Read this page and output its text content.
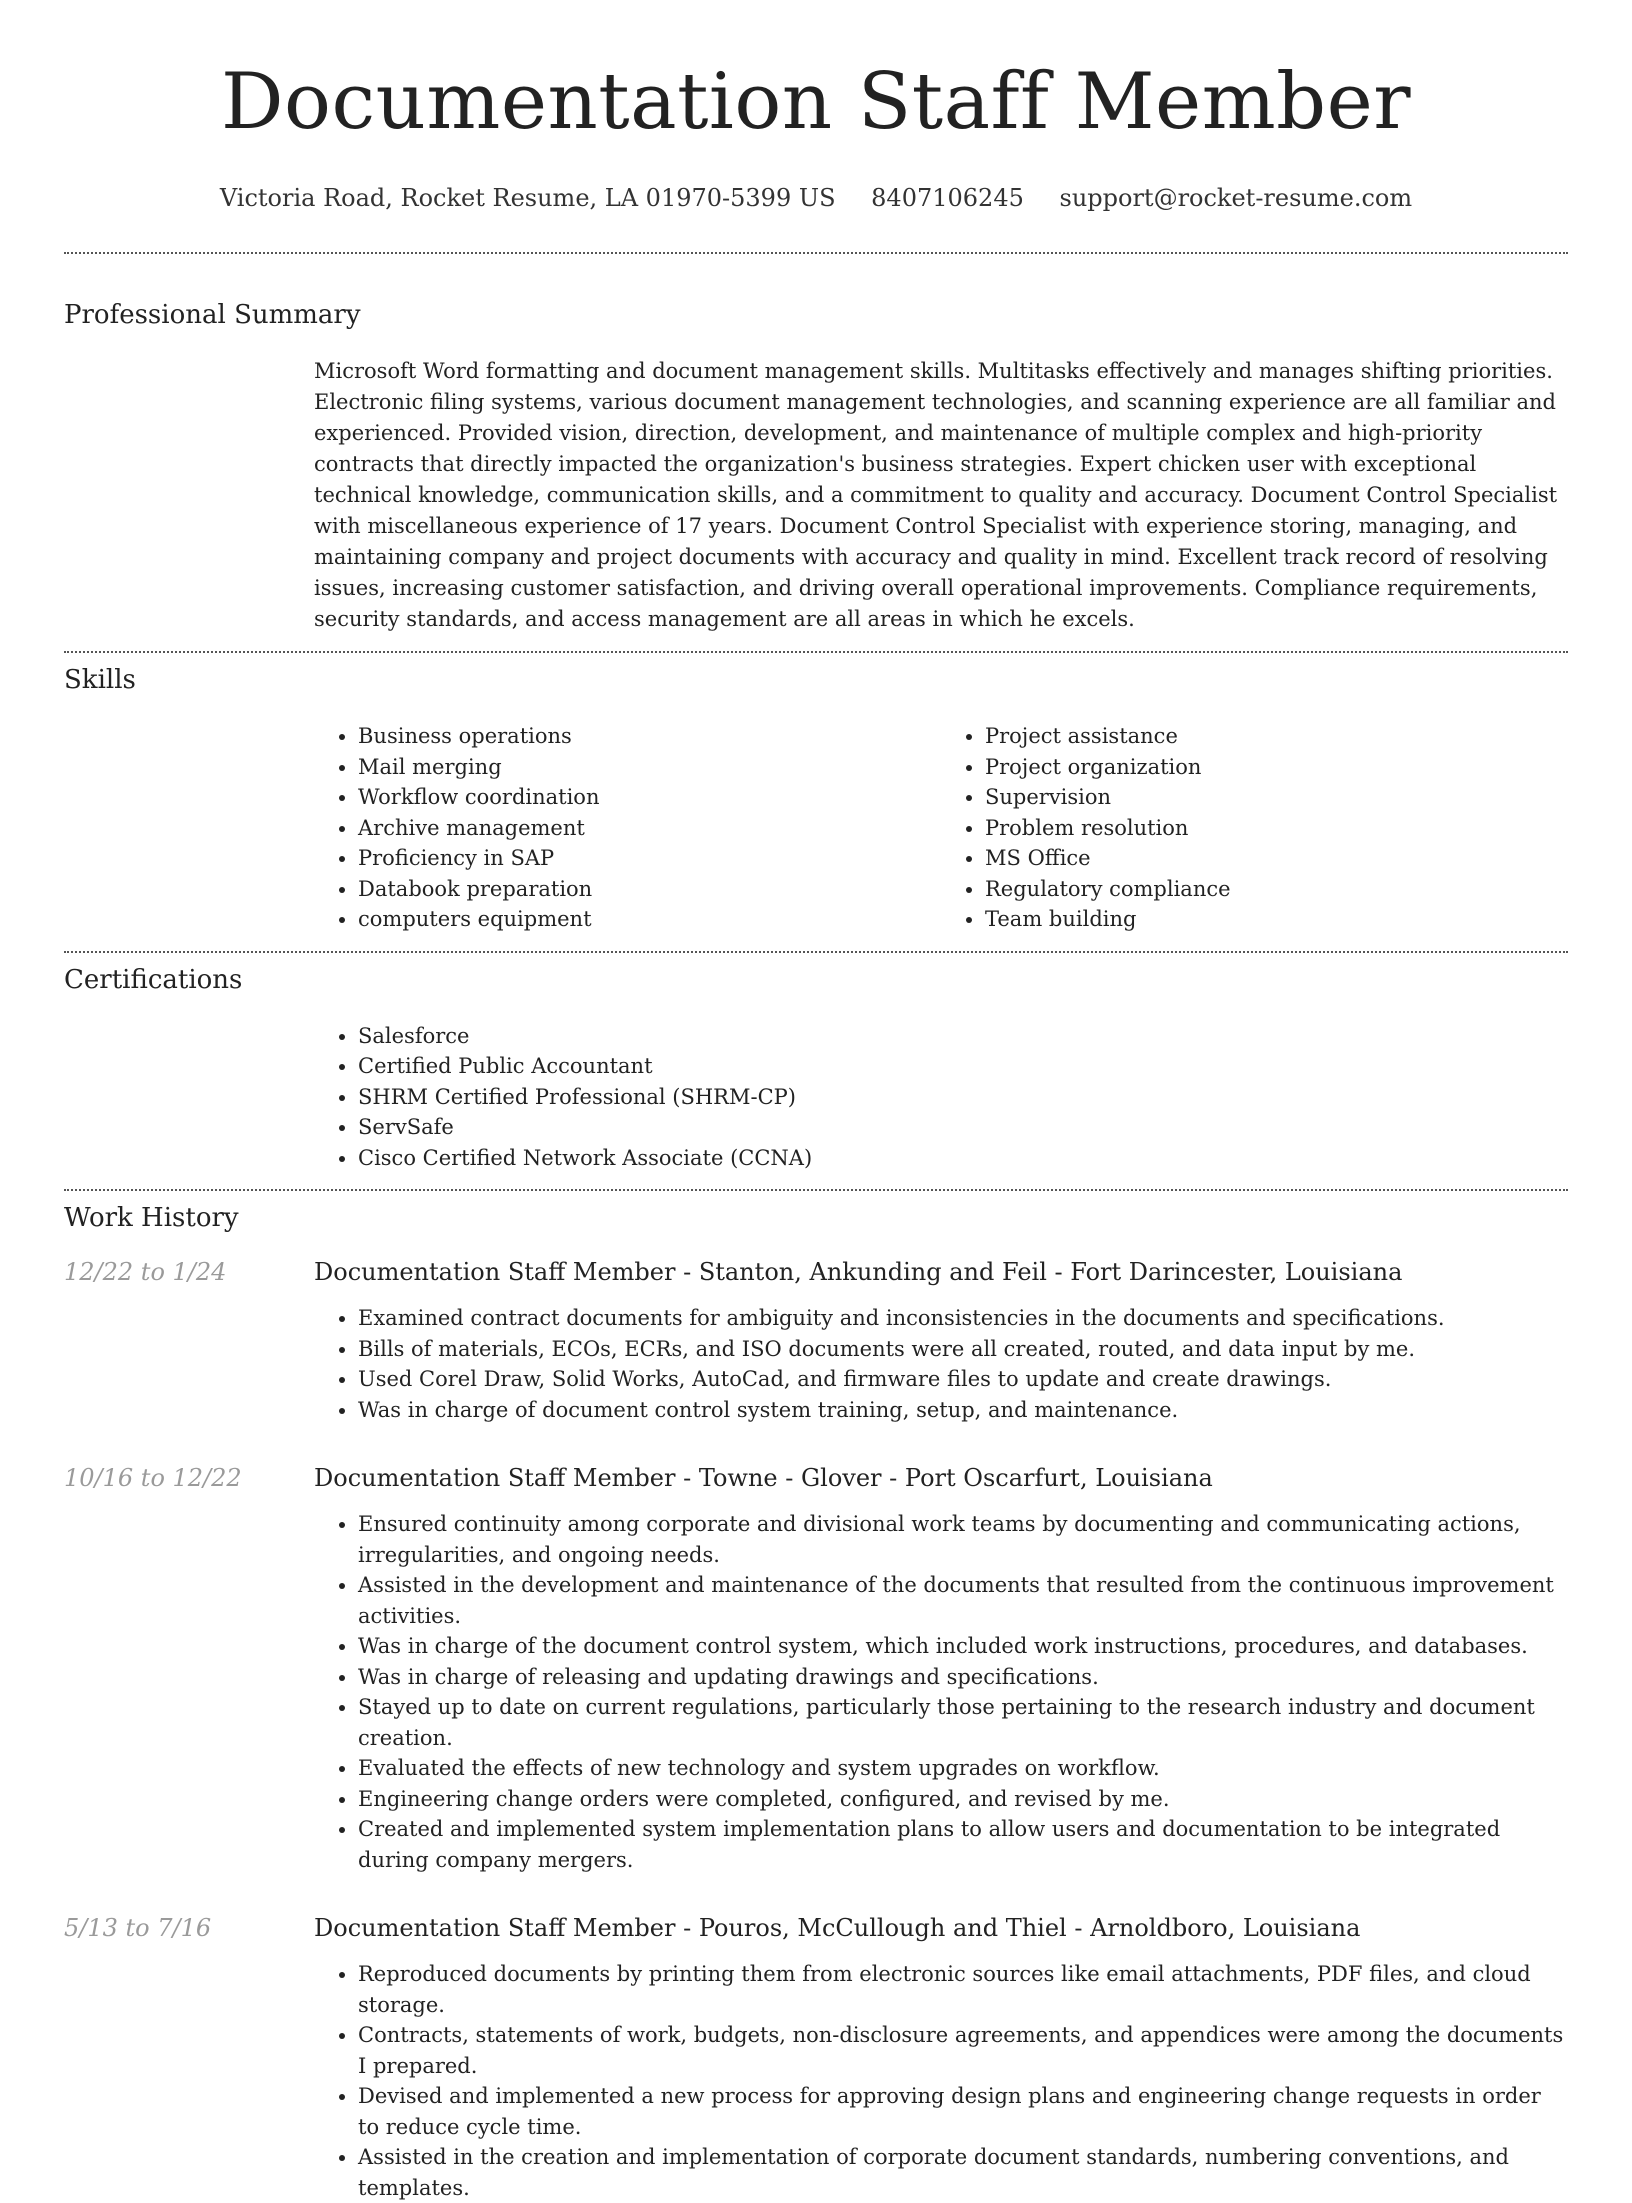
Documentation Staff Member
Victoria Road, Rocket Resume, LA 01970-5399 US 8407106245 support@rocket-resume.com
Professional Summary
Microsoft Word formatting and document management skills. Multitasks effectively and manages shifting priorities. Electronic filing systems, various document management technologies, and scanning experience are all familiar and experienced. Provided vision, direction, development, and maintenance of multiple complex and high-priority contracts that directly impacted the organization's business strategies. Expert chicken user with exceptional technical knowledge, communication skills, and a commitment to quality and accuracy. Document Control Specialist with miscellaneous experience of 17 years. Document Control Specialist with experience storing, managing, and maintaining company and project documents with accuracy and quality in mind. Excellent track record of resolving issues, increasing customer satisfaction, and driving overall operational improvements. Compliance requirements, security standards, and access management are all areas in which he excels.
Skills
• Business operations
• Mail merging
• Workflow coordination
• Archive management
• Proficiency in SAP
• Databook preparation
• computers equipment
• Project assistance
• Project organization
• Supervision
• Problem resolution
• MS Office
• Regulatory compliance
• Team building
Certifications
• Salesforce
• Certified Public Accountant
• SHRM Certified Professional (SHRM-CP)
• ServSafe
• Cisco Certified Network Associate (CCNA)
Work History
12/22 to 1/24	Documentation Staff Member - Stanton, Ankunding and Feil - Fort Darincester, Louisiana
• Examined contract documents for ambiguity and inconsistencies in the documents and specifications.
• Bills of materials, ECOs, ECRs, and ISO documents were all created, routed, and data input by me.
• Used Corel Draw, Solid Works, AutoCad, and firmware files to update and create drawings.
• Was in charge of document control system training, setup, and maintenance.
10/16 to 12/22	Documentation Staff Member - Towne - Glover - Port Oscarfurt, Louisiana
• Ensured continuity among corporate and divisional work teams by documenting and communicating actions, irregularities, and ongoing needs.
• Assisted in the development and maintenance of the documents that resulted from the continuous improvement activities.
• Was in charge of the document control system, which included work instructions, procedures, and databases.
• Was in charge of releasing and updating drawings and specifications.
• Stayed up to date on current regulations, particularly those pertaining to the research industry and document creation.
• Evaluated the effects of new technology and system upgrades on workflow.
• Engineering change orders were completed, configured, and revised by me.
• Created and implemented system implementation plans to allow users and documentation to be integrated during company mergers.
5/13 to 7/16	Documentation Staff Member - Pouros, McCullough and Thiel - Arnoldboro, Louisiana
• Reproduced documents by printing them from electronic sources like email attachments, PDF files, and cloud storage.
• Contracts, statements of work, budgets, non-disclosure agreements, and appendices were among the documents I prepared.
• Devised and implemented a new process for approving design plans and engineering change requests in order to reduce cycle time.
• Assisted in the creation and implementation of corporate document standards, numbering conventions, and templates.
